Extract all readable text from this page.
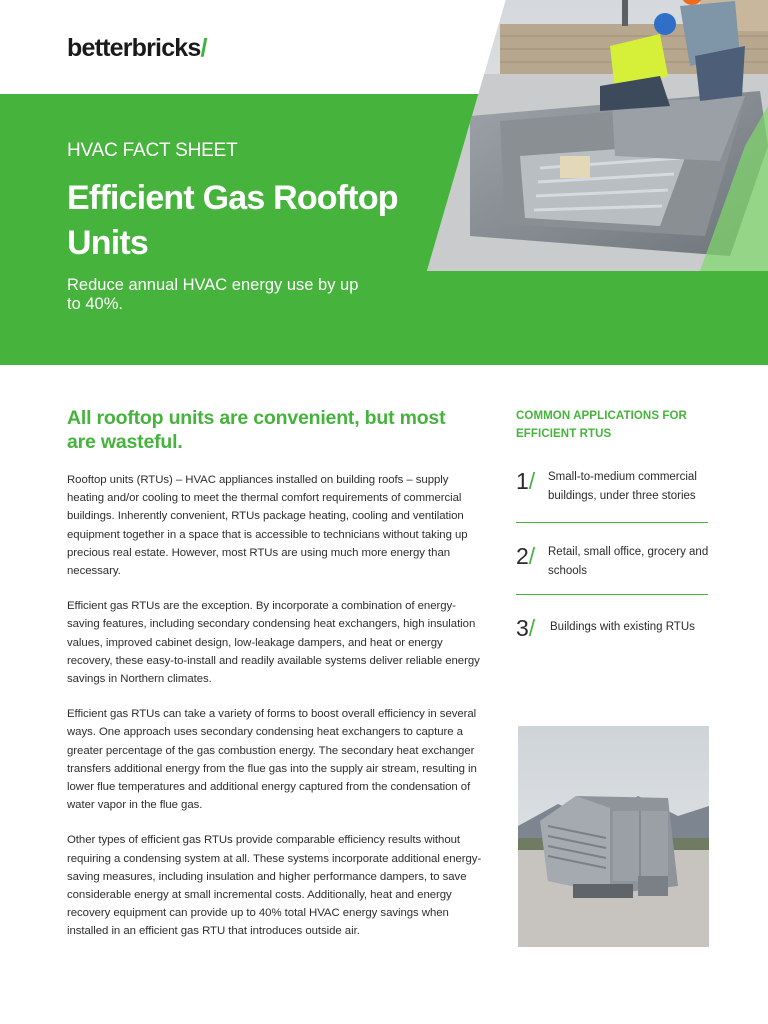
betterbricks/
HVAC FACT SHEET
Efficient Gas Rooftop Units
Reduce annual HVAC energy use by up to 40%.
All rooftop units are convenient, but most are wasteful.

Rooftop units (RTUs) – HVAC appliances installed on building roofs – supply heating and/or cooling to meet the thermal comfort requirements of commercial buildings. Inherently convenient, RTUs package heating, cooling and ventilation equipment together in a space that is accessible to technicians without taking up precious real estate. However, most RTUs are using much more energy than necessary.

Efficient gas RTUs are the exception. By incorporate a combination of energy-saving features, including secondary condensing heat exchangers, high insulation values, improved cabinet design, low-leakage dampers, and heat or energy recovery, these easy-to-install and readily available systems deliver reliable energy savings in Northern climates.

Efficient gas RTUs can take a variety of forms to boost overall efficiency in several ways. One approach uses secondary condensing heat exchangers to capture a greater percentage of the gas combustion energy. The secondary heat exchanger transfers additional energy from the flue gas into the supply air stream, resulting in lower flue temperatures and additional energy captured from the condensation of water vapor in the flue gas.

Other types of efficient gas RTUs provide comparable efficiency results without requiring a condensing system at all. These systems incorporate additional energy-saving measures, including insulation and higher performance dampers, to save considerable energy at small incremental costs. Additionally, heat and energy recovery equipment can provide up to 40% total HVAC energy savings when installed in an efficient gas RTU that introduces outside air.

COMMON APPLICATIONS FOR EFFICIENT RTUS
1/ Small-to-medium commercial buildings, under three stories
2/ Retail, small office, grocery and schools
3/ Buildings with existing RTUs
